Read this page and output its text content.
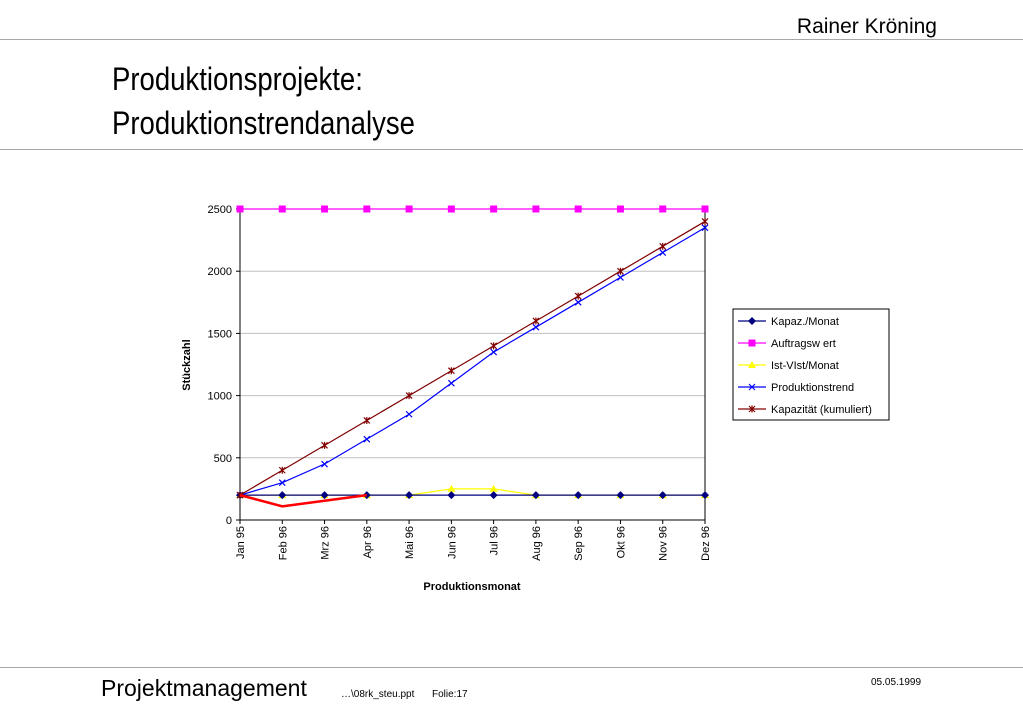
Rainer Kröning
Produktionsprojekte:
Produktionstrendanalyse
0
500
1000
1500
2000
2500
Jan 95	Feb 96	Mrz 96	Apr 96	Mai 96	Jun 96	Jul 96	Aug 96	Sep 96	Okt 96	Nov 96	Dez 96
Stückzahl
Produktionsmonat
Kapaz./Monat
Auftragsw ert
Ist-VIst/Monat
Produktionstrend
Kapazität (kumuliert)
Projektmanagement	…\08rk_steu.ppt Folie:17
05.05.1999
